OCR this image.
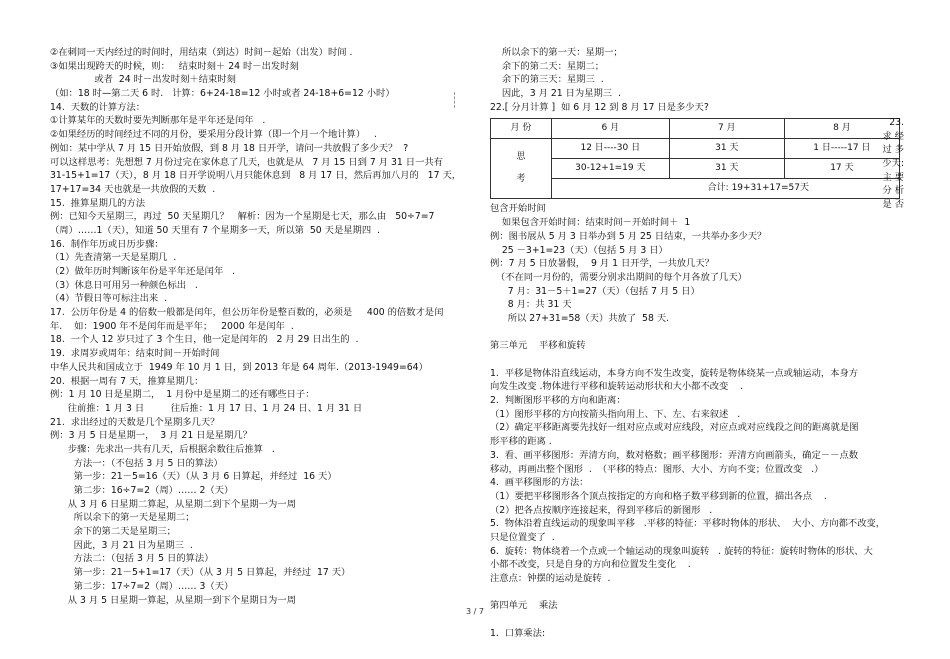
②在刺同一天内经过的时间时，用结束（到达）时间－起始（出发）时间 .
③如果出现跨天的时候，则：   结束时刻＋ 24 时－出发时刻
或者  24 时－出发时刻＋结束时刻
（如：18 时—第二天 6 时.   计算：6+24-18=12 小时或者 24-18+6=12 小时）
14.  天数的计算方法：
①计算某年的天数时要先判断那年是平年还是闰年   .
②如果经历的时间经过不同的月份，要采用分段计算（即一个月一个地计算）   .
例如：某中学从 7 月 15 日开始放假，到 8 月 18 日开学，请问一共放假了多少天？  ?
可以这样思考：先想想 7 月份过完在家休息了几天，也就是从   7 月 15 日到 7 月 31 日一共有
31-15+1=17（天），8 月 18 日开学说明八月只能休息到   8 月 17 日，然后再加八月的   17 天，
17+17=34 天也就是一共放假的天数  .
15.  推算星期几的方法
例：已知今天星期三，再过  50 天星期几？   解析：因为一个星期是七天，那么由   50÷7=7
（周）……1（天），知道 50 天里有 7 个星期多一天，所以第  50 天是星期四  .
16.  制作年历或日历步骤：
（1）先查清第一天是星期几  .
（2）做年历时判断该年份是平年还是闰年   .
（3）休息日可用另一种颜色标出   .
（4）节假日等可标注出来  .
17.  公历年份是 4 的倍数一般都是闰年，但公历年份是整百数的，必须是     400 的倍数才是闰
年.    如：1900 年不是闰年而是平年；   2000 年是闰年  .
18.  一个人 12 岁只过了 3 个生日，他一定是闰年的   2 月 29 日出生的  .
19.  求周岁或周年：结束时间－开始时间
中华人民共和国成立于  1949 年 10 月 1 日，到 2013 年是 64 周年.（2013-1949=64）
20.  根据一周有 7 天，推算星期几：
例：1 月 10 日是星期二，  1 月份中是星期二的还有哪些日子：
往前推：1 月 3 日         往后推：1 月 17 日、1 月 24 日、1 月 31 日
21.  求出经过的天数是几个星期多几天？
例：3 月 5 日是星期一，  3 月 21 日是星期几？
步骤：先求出一共有几天，后根据余数往后推算   .
方法一：（不包括 3 月 5 日的算法）
第一步：21－5=16（天）（从 3 月 6 日算起，并经过  16 天）
第二步：16÷7=2（周）…… 2（天）
从 3 月 6 日星期二算起，从星期二到下个星期一为一周
所以余下的第一天是星期二；
余下的第二天是星期三；
因此，3 月 21 日为星期三  .
方法二：（包括 3 月 5 日的算法）
第一步：21－5+1=17（天）（从 3 月 5 日算起，并经过  17 天）
第二步：17÷7=2（周）…… 3（天）
从 3 月 5 日星期一算起，从星期一到下个星期日为一周
所以余下的第一天：星期一；
余下的第二天：星期二；
余下的第三天：星期三  .
因此，3 月 21 日为星期三  .
22.[ 分月计算 ]  如 6 月 12 到 8 月 17 日是多少天?
月 份	6 月	7 月	8 月
思

考	12 日----30 日	31 天	1 日-----17 日
	30-12+1=19 天	31 天	17 天
	合计: 19+31+17=57天		
包含开始时间
如果包含开始时间：结束时间－开始时间＋  1
例：图书展从 5 月 3 日举办到 5 月 25 日结束，一共举办多少天？
25 －3+1=23（天）（包括 5 月 3 日）
例：7 月 5 日放暑假，  9 月 1 日开学，一共放几天？
（不在同一月份的，需要分别求出期间的每个月各放了几天）
7 月：31－5＋1=27（天）（包括 7 月 5 日）
8 月：共 31 天
所以 27+31=58（天）共放了  58 天.
第三单元    平移和旋转
1.  平移是物体沿直线运动，本身方向不发生改变，旋转是物体绕某一点或轴运动，本身方
向发生改变 .物体进行平移和旋转运动形状和大小都不改变    .
2.  判断图形平移的方向和距离：
（1）图形平移的方向按箭头指向用上、下、左、右来叙述   .
（2）确定平移距离要先找好一组对应点或对应线段，对应点或对应线段之间的距离就是图
形平移的距离 .
3.  看、画平移图形：弄清方向，数对格数；画平移图形：弄清方向画箭头，确定－－点数
移动，再画出整个图形  .  （平移的特点：图形、大小、方向不变；位置改变   .）
4.  画平移图形的方法：
（1）要把平移图形各个顶点按指定的方向和格子数平移到新的位置，描出各点    .
（2）把各点按顺序连接起来，得到平移后的新图形   .
5.  物体沿着直线运动的现象叫平移   .平移的特征：平移时物体的形状、  大小、方向都不改变，
只是位置变了  .
6.  旋转：物体绕着一个点或一个轴运动的现象叫旋转   . 旋转的特征：旋转时物体的形状、大
小都不改变，只是自身的方向和位置发生变化    .
注意点：钟摆的运动是旋转  .
第四单元    乘法
1.  口算乘法:
23.
求 经
过 多
少天:
主 要
分 析
是 否
3 / 7
